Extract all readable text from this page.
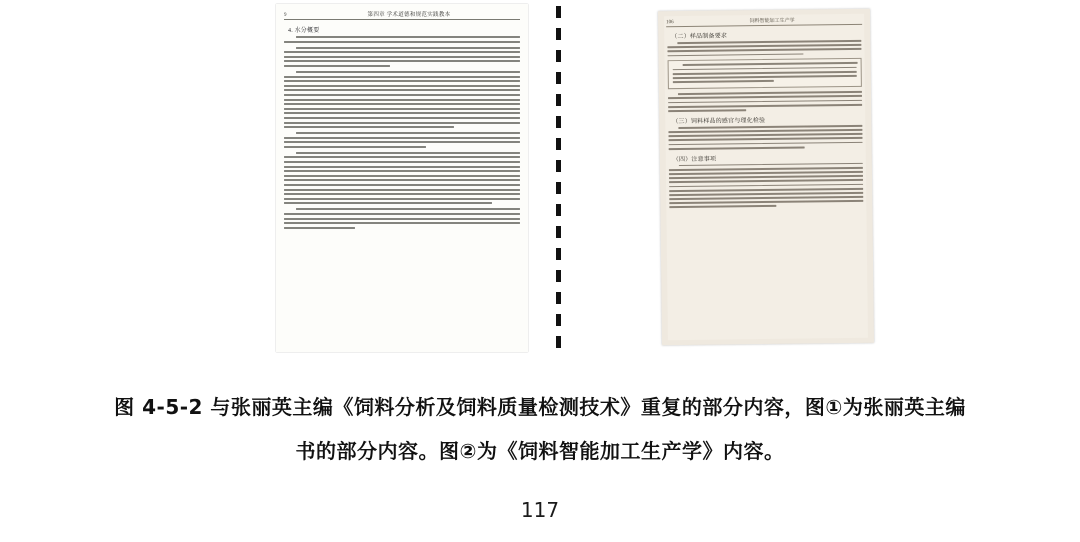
9	第四章 学术道德和规范实践教本
4. 水分概要
106	饲料智能加工生产学
（二）样品制备要求
（三）饲料样品的感官与理化检验
（四）注意事项
图 4-5-2 与张丽英主编《饲料分析及饲料质量检测技术》重复的部分内容，图①为张丽英主编
书的部分内容。图②为《饲料智能加工生产学》内容。
117
